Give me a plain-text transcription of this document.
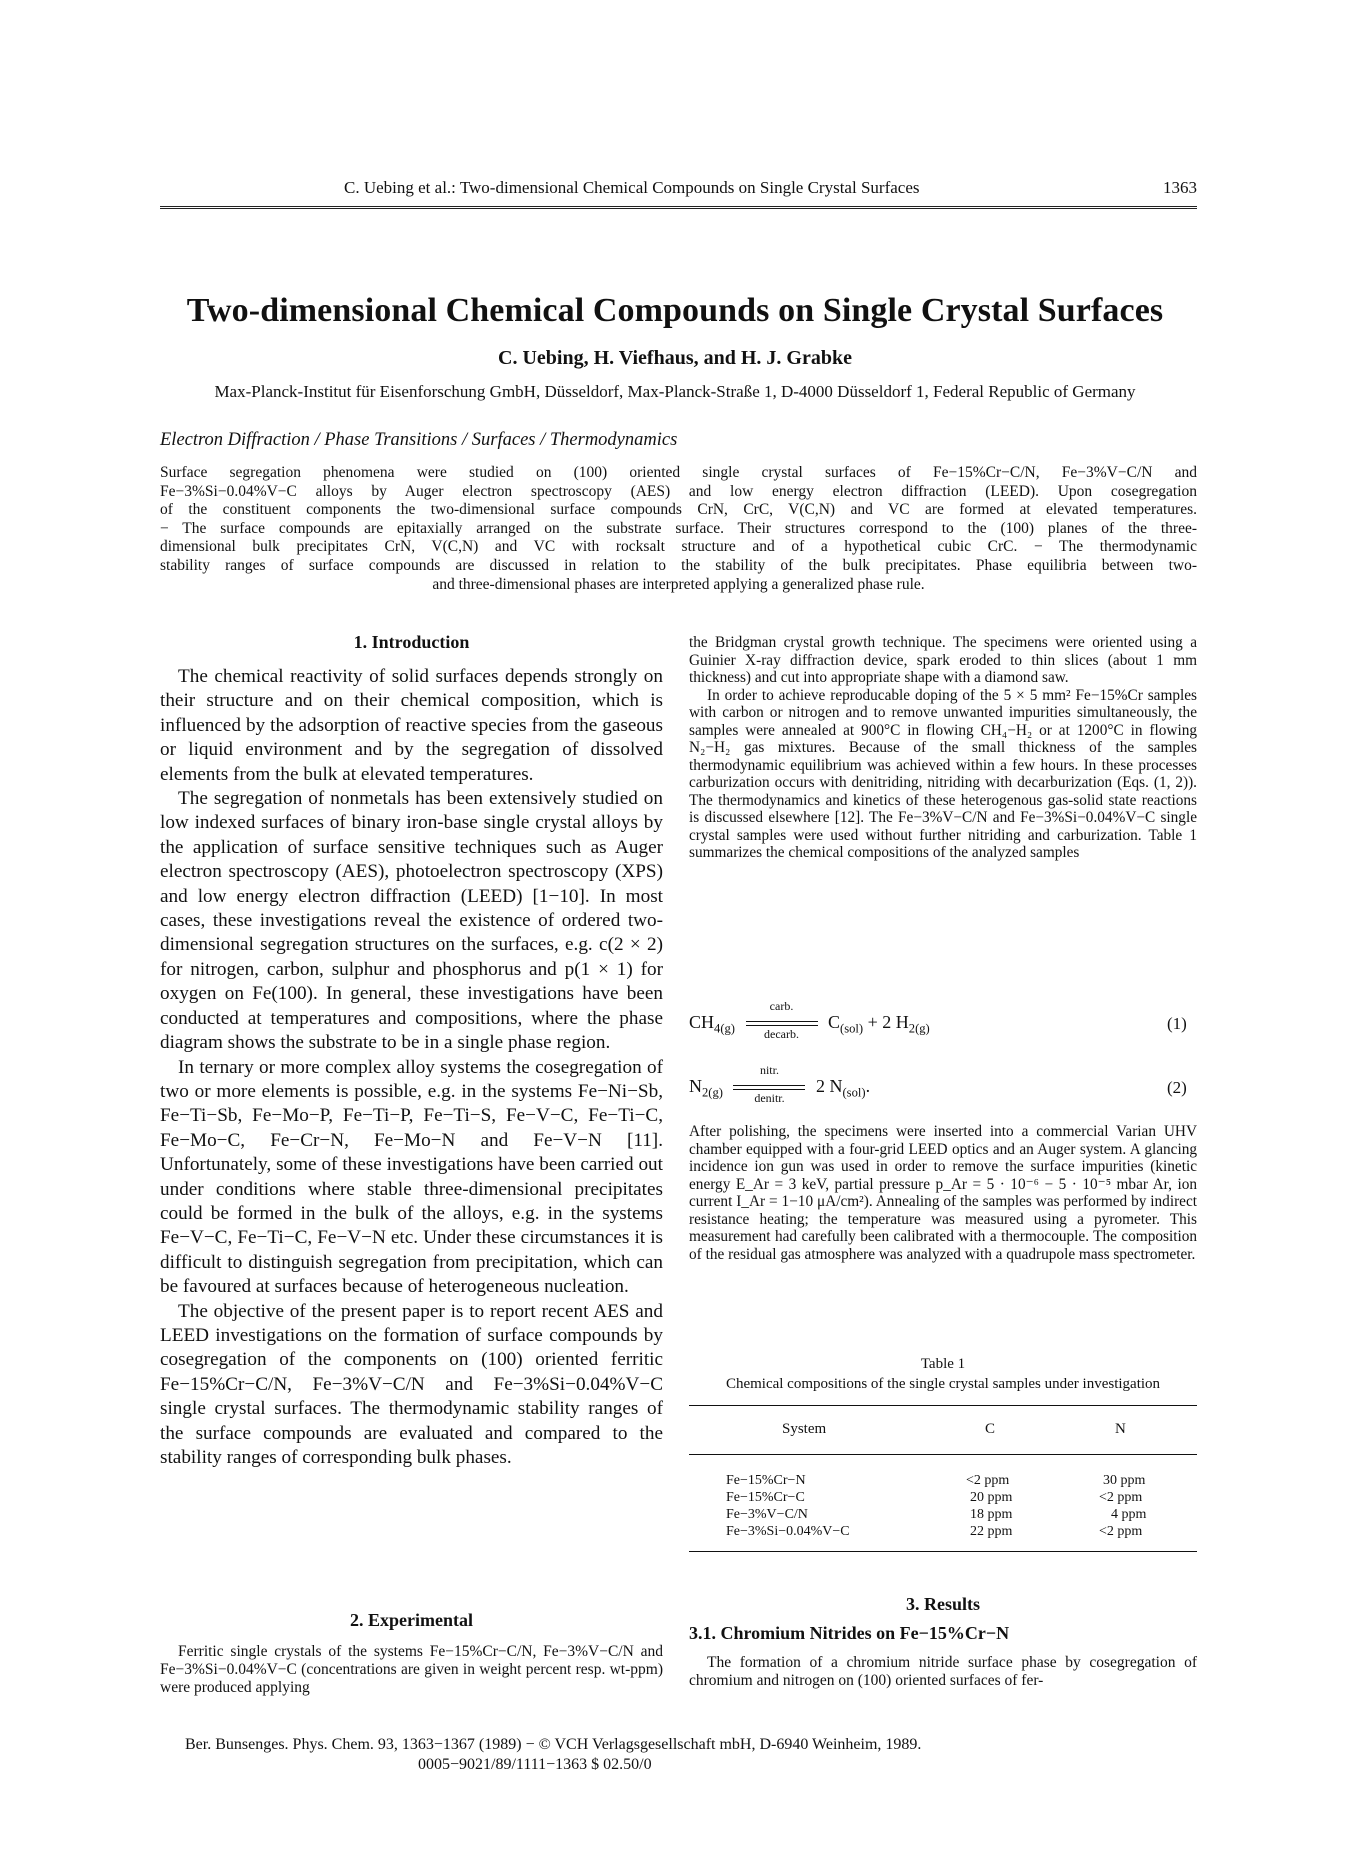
C. Uebing et al.: Two-dimensional Chemical Compounds on Single Crystal Surfaces	1363
Two-dimensional Chemical Compounds on Single Crystal Surfaces
C. Uebing, H. Viefhaus, and H. J. Grabke
Max-Planck-Institut für Eisenforschung GmbH, Düsseldorf, Max-Planck-Straße 1, D-4000 Düsseldorf 1, Federal Republic of Germany
Electron Diffraction / Phase Transitions / Surfaces / Thermodynamics
Surface segregation phenomena were studied on (100) oriented single crystal surfaces of Fe−15%Cr−C/N, Fe−3%V−C/N and
Fe−3%Si−0.04%V−C alloys by Auger electron spectroscopy (AES) and low energy electron diffraction (LEED). Upon cosegregation
of the constituent components the two-dimensional surface compounds CrN, CrC, V(C,N) and VC are formed at elevated temperatures.
− The surface compounds are epitaxially arranged on the substrate surface. Their structures correspond to the (100) planes of the three-
dimensional bulk precipitates CrN, V(C,N) and VC with rocksalt structure and of a hypothetical cubic CrC. − The thermodynamic
stability ranges of surface compounds are discussed in relation to the stability of the bulk precipitates. Phase equilibria between two-
and three-dimensional phases are interpreted applying a generalized phase rule.
1. Introduction

The chemical reactivity of solid surfaces depends strongly on their structure and on their chemical composition, which is influenced by the adsorption of reactive species from the gaseous or liquid environment and by the segregation of dissolved elements from the bulk at elevated temperatures.

The segregation of nonmetals has been extensively studied on low indexed surfaces of binary iron-base single crystal alloys by the application of surface sensitive techniques such as Auger electron spectroscopy (AES), photoelectron spectroscopy (XPS) and low energy electron diffraction (LEED) [1−10]. In most cases, these investigations reveal the existence of ordered two-dimensional segregation structures on the surfaces, e.g. c(2 × 2) for nitrogen, carbon, sulphur and phosphorus and p(1 × 1) for oxygen on Fe(100). In general, these investigations have been conducted at temperatures and compositions, where the phase diagram shows the substrate to be in a single phase region.

In ternary or more complex alloy systems the cosegregation of two or more elements is possible, e.g. in the systems Fe−Ni−Sb, Fe−Ti−Sb, Fe−Mo−P, Fe−Ti−P, Fe−Ti−S, Fe−V−C, Fe−Ti−C, Fe−Mo−C, Fe−Cr−N, Fe−Mo−N and Fe−V−N [11]. Unfortunately, some of these investigations have been carried out under conditions where stable three-dimensional precipitates could be formed in the bulk of the alloys, e.g. in the systems Fe−V−C, Fe−Ti−C, Fe−V−N etc. Under these circumstances it is difficult to distinguish segregation from precipitation, which can be favoured at surfaces because of heterogeneous nucleation.

The objective of the present paper is to report recent AES and LEED investigations on the formation of surface compounds by cosegregation of the components on (100) oriented ferritic Fe−15%Cr−C/N, Fe−3%V−C/N and Fe−3%Si−0.04%V−C single crystal surfaces. The thermodynamic stability ranges of the surface compounds are evaluated and compared to the stability ranges of corresponding bulk phases.

2. Experimental

Ferritic single crystals of the systems Fe−15%Cr−C/N, Fe−3%V−C/N and Fe−3%Si−0.04%V−C (concentrations are given in weight percent resp. wt-ppm) were produced applying

the Bridgman crystal growth technique. The specimens were oriented using a Guinier X-ray diffraction device, spark eroded to thin slices (about 1 mm thickness) and cut into appropriate shape with a diamond saw.

In order to achieve reproducable doping of the 5 × 5 mm² Fe−15%Cr samples with carbon or nitrogen and to remove unwanted impurities simultaneously, the samples were annealed at 900°C in flowing CH₄−H₂ or at 1200°C in flowing N₂−H₂ gas mixtures. Because of the small thickness of the samples thermodynamic equilibrium was achieved within a few hours. In these processes carburization occurs with denitriding, nitriding with decarburization (Eqs. (1, 2)). The thermodynamics and kinetics of these heterogenous gas-solid state reactions is discussed elsewhere [12]. The Fe−3%V−C/N and Fe−3%Si−0.04%V−C single crystal samples were used without further nitriding and carburization. Table 1 summarizes the chemical compositions of the analyzed samples

$CH_{4(g)}$
carb.
decarb.
$C_{(sol)} + 2$ $H_{2(g)}$	(1)
$N_{2(g)}$
nitr.
denitr.
2 $N_{(sol)}$.	(2)

After polishing, the specimens were inserted into a commercial Varian UHV chamber equipped with a four-grid LEED optics and an Auger system. A glancing incidence ion gun was used in order to remove the surface impurities (kinetic energy E_Ar = 3 keV, partial pressure p_Ar = 5 · 10⁻⁶ − 5 · 10⁻⁵ mbar Ar, ion current I_Ar = 1−10 μA/cm²). Annealing of the samples was performed by indirect resistance heating; the temperature was measured using a pyrometer. This measurement had carefully been calibrated with a thermocouple. The composition of the residual gas atmosphere was analyzed with a quadrupole mass spectrometer.

Table 1
Chemical compositions of the single crystal samples under investigation
System	C	N
Fe−15%Cr−N	<2 ppm	30 ppm
Fe−15%Cr−C	20 ppm	<2 ppm
Fe−3%V−C/N	18 ppm	4 ppm
Fe−3%Si−0.04%V−C	22 ppm	<2 ppm
3. Results
3.1. Chromium Nitrides on Fe−15%Cr−N

The formation of a chromium nitride surface phase by cosegregation of chromium and nitrogen on (100) oriented surfaces of fer-

Ber. Bunsenges. Phys. Chem. 93, 1363−1367 (1989) − © VCH Verlagsgesellschaft mbH, D-6940 Weinheim, 1989.
0005−9021/89/1111−1363 $ 02.50/0
